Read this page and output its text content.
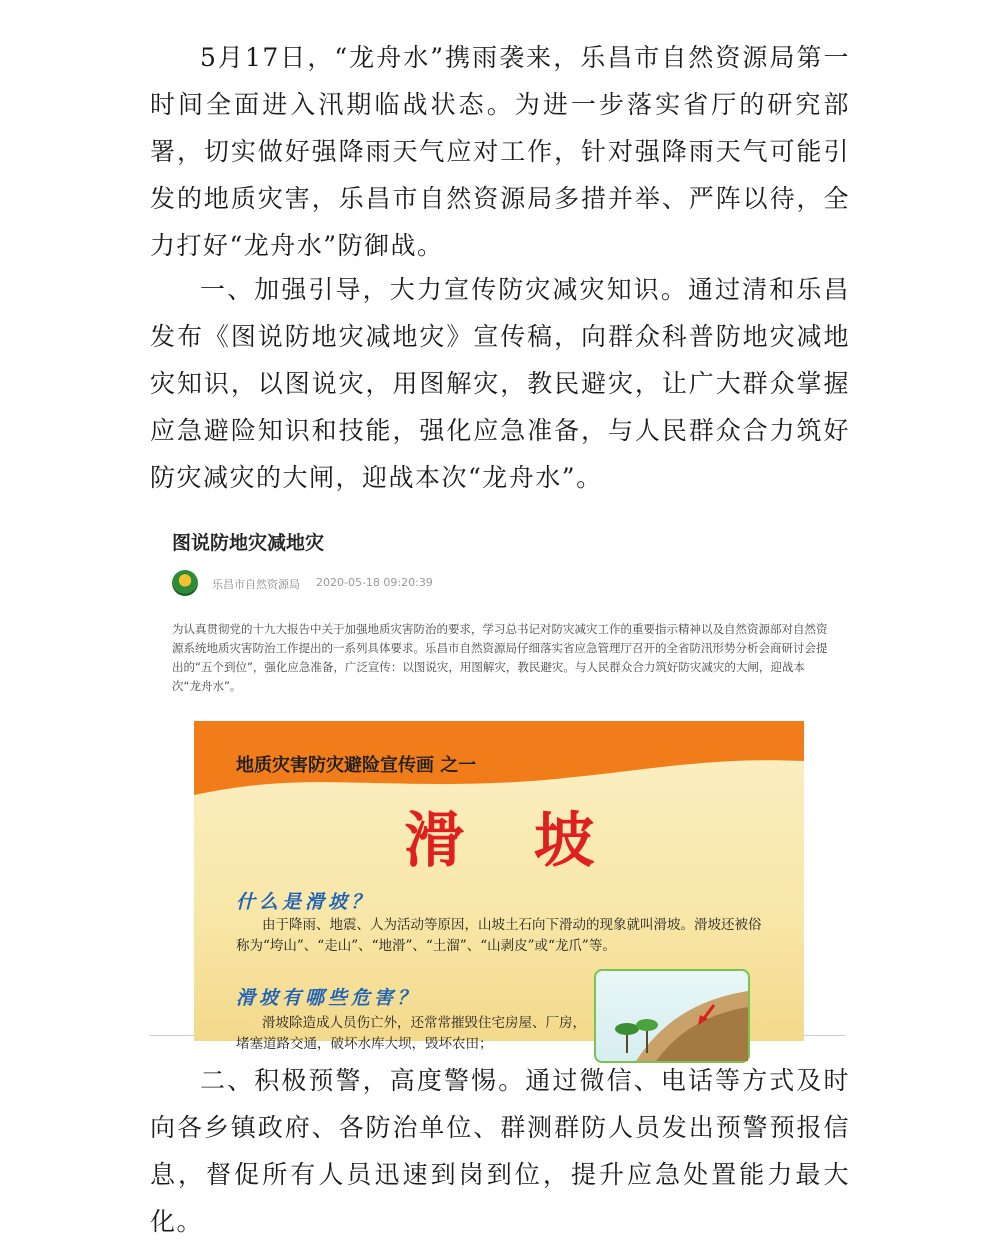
5月17日，“龙舟水”携雨袭来，乐昌市自然资源局第一时间全面进入汛期临战状态。为进一步落实省厅的研究部署，切实做好强降雨天气应对工作，针对强降雨天气可能引发的地质灾害，乐昌市自然资源局多措并举、严阵以待，全力打好“龙舟水”防御战。

一、加强引导，大力宣传防灾减灾知识。通过清和乐昌发布《图说防地灾减地灾》宣传稿，向群众科普防地灾减地灾知识，以图说灾，用图解灾，教民避灾，让广大群众掌握应急避险知识和技能，强化应急准备，与人民群众合力筑好防灾减灾的大闸，迎战本次“龙舟水”。

图说防地灾减地灾
乐昌市自然资源局 2020-05-18 09:20:39

为认真贯彻党的十九大报告中关于加强地质灾害防治的要求，学习总书记对防灾减灾工作的重要指示精神以及自然资源部对自然资源系统地质灾害防治工作提出的一系列具体要求。乐昌市自然资源局仔细落实省应急管理厅召开的全省防汛形势分析会商研讨会提出的“五个到位”，强化应急准备，广泛宣传：以图说灾，用图解灾，教民避灾。与人民群众合力筑好防灾减灾的大闸，迎战本次“龙舟水”。

地质灾害防灾避险宣传画 之一
滑坡
什么是滑坡？

由于降雨、地震、人为活动等原因，山坡土石向下滑动的现象就叫滑坡。滑坡还被俗称为“垮山”、“走山”、“地滑”、“土溜”、“山剥皮”或“龙爪”等。

滑坡有哪些危害？

滑坡除造成人员伤亡外，还常常摧毁住宅房屋、厂房，堵塞道路交通，破坏水库大坝，毁坏农田；

二、积极预警，高度警惕。通过微信、电话等方式及时向各乡镇政府、各防治单位、群测群防人员发出预警预报信息，督促所有人员迅速到岗到位，提升应急处置能力最大化。
